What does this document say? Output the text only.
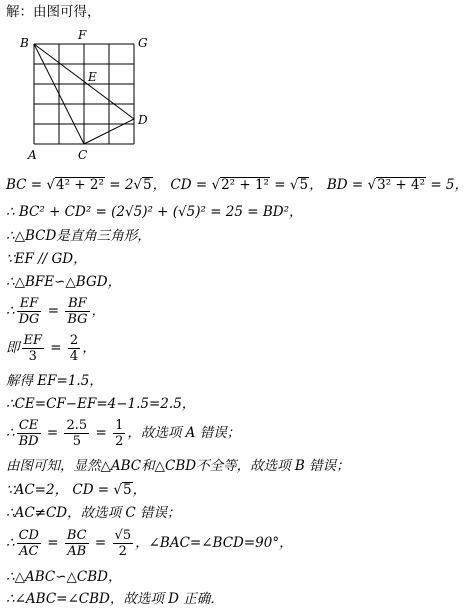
解：由图可得，
B
F
G
E
D
A	C
BC = √4² + 2² = 2√5， CD = √2² + 1² = √5， BD = √3² + 4² = 5，
∴ BC² + CD² = (2√5)² + (√5)² = 25 = BD²，
∴△BCD是直角三角形，
∵EF // GD，
∴△BFE∽△BGD，
∴ $\frac{EF}{DG} = \frac{BF}{BG}$ ，
即 $\frac{EF}{3} = \frac{2}{4}$ ，
解得 EF=1.5，
∴CE=CF−EF=4−1.5=2.5，
∴ $\frac{CE}{BD} = \frac{2.5}{5} = \frac{1}{2}$ ，故选项 A 错误；
由图可知，显然△ABC和△CBD不全等，故选项 B 错误；
∵AC=2， CD = √5，
∴AC≠CD，故选项 C 错误；
∴ $\frac{CD}{AC} = \frac{BC}{AB} = \frac{√5}{2}$ ，∠BAC=∠BCD=90°，
∴△ABC∽△CBD，
∴∠ABC=∠CBD，故选项 D 正确．
